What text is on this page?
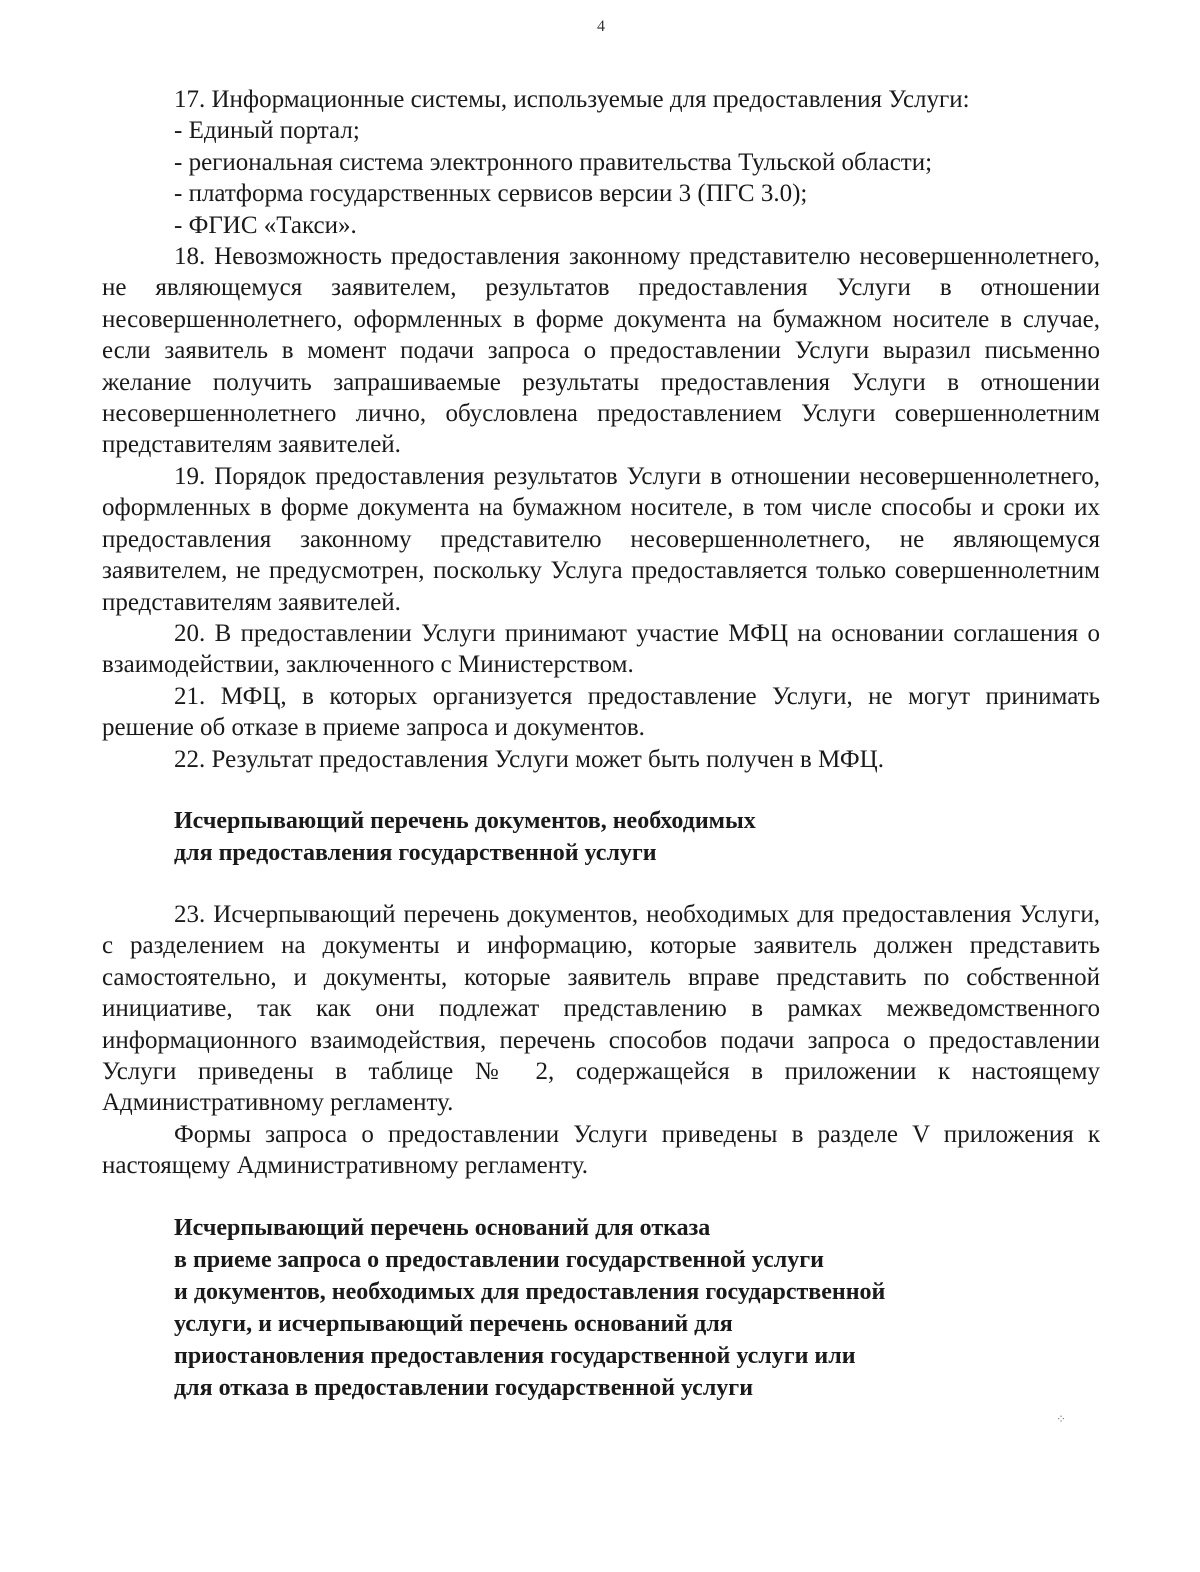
4

17. Информационные системы, используемые для предоставления Услуги:

- Единый портал;

- региональная система электронного правительства Тульской области;

- платформа государственных сервисов версии 3 (ПГС 3.0);

- ФГИС «Такси».

18. Невозможность предоставления законному представителю несовершеннолетнего, не являющемуся заявителем, результатов предоставления Услуги в отношении несовершеннолетнего, оформленных в форме документа на бумажном носителе в случае, если заявитель в момент подачи запроса о предоставлении Услуги выразил письменно желание получить запрашиваемые результаты предоставления Услуги в отношении несовершеннолетнего лично, обусловлена предоставлением Услуги совершеннолетним представителям заявителей.

19. Порядок предоставления результатов Услуги в отношении несовершеннолетнего, оформленных в форме документа на бумажном носителе, в том числе способы и сроки их предоставления законному представителю несовершеннолетнего, не являющемуся заявителем, не предусмотрен, поскольку Услуга предоставляется только совершеннолетним представителям заявителей.

20. В предоставлении Услуги принимают участие МФЦ на основании соглашения о взаимодействии, заключенного с Министерством.

21. МФЦ, в которых организуется предоставление Услуги, не могут принимать решение об отказе в приеме запроса и документов.

22. Результат предоставления Услуги может быть получен в МФЦ.

Исчерпывающий перечень документов, необходимых
для предоставления государственной услуги

23. Исчерпывающий перечень документов, необходимых для предоставления Услуги, с разделением на документы и информацию, которые заявитель должен представить самостоятельно, и документы, которые заявитель вправе представить по собственной инициативе, так как они подлежат представлению в рамках межведомственного информационного взаимодействия, перечень способов подачи запроса о предоставлении Услуги приведены в таблице № 2, содержащейся в приложении к настоящему Административному регламенту.

Формы запроса о предоставлении Услуги приведены в разделе V приложения к настоящему Административному регламенту.

Исчерпывающий перечень оснований для отказа
в приеме запроса о предоставлении государственной услуги
и документов, необходимых для предоставления государственной
услуги, и исчерпывающий перечень оснований для
приостановления предоставления государственной услуги или
для отказа в предоставлении государственной услуги

⁘
